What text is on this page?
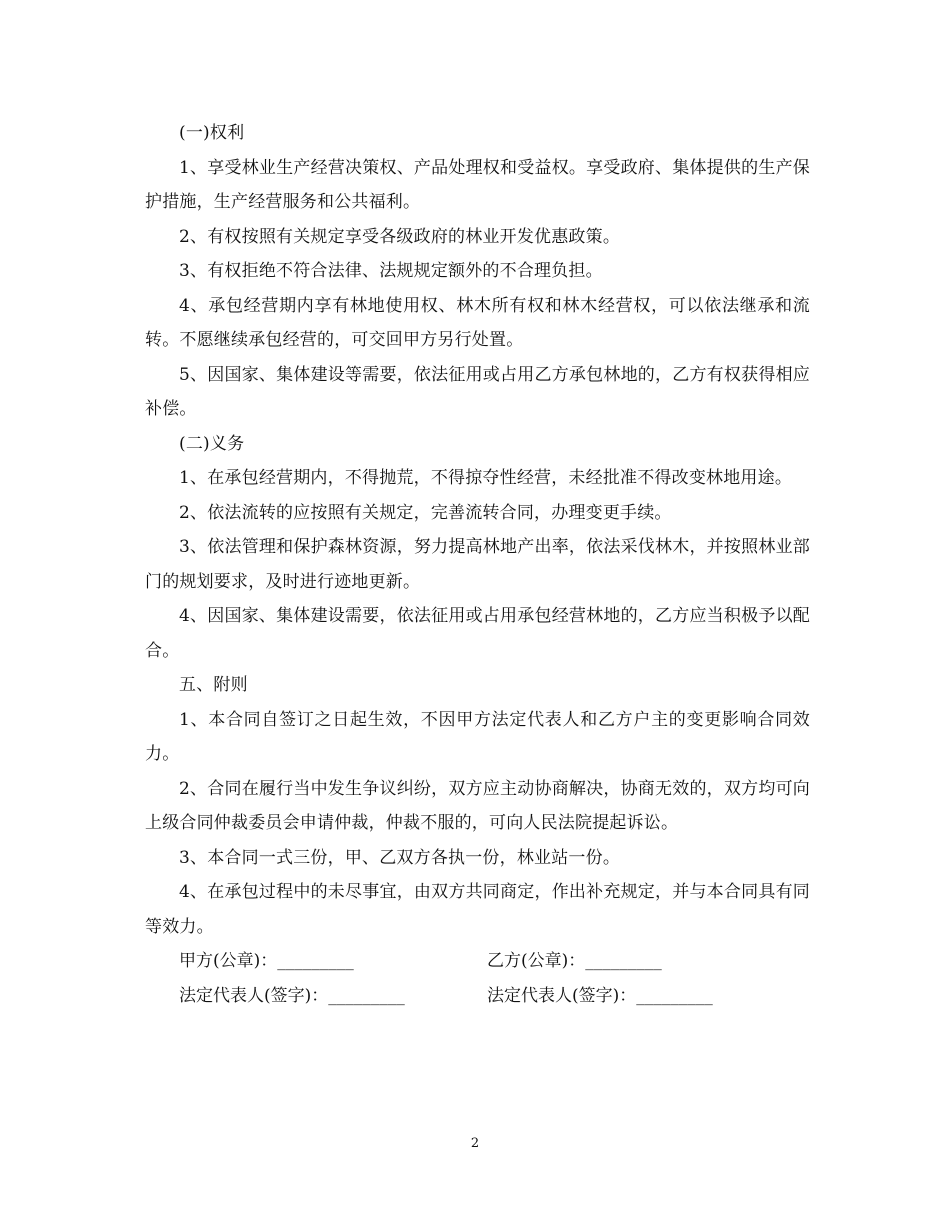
(一)权利

1、享受林业生产经营决策权、产品处理权和受益权。享受政府、集体提供的生产保护措施，生产经营服务和公共福利。

2、有权按照有关规定享受各级政府的林业开发优惠政策。

3、有权拒绝不符合法律、法规规定额外的不合理负担。

4、承包经营期内享有林地使用权、林木所有权和林木经营权，可以依法继承和流转。不愿继续承包经营的，可交回甲方另行处置。

5、因国家、集体建设等需要，依法征用或占用乙方承包林地的，乙方有权获得相应补偿。

(二)义务

1、在承包经营期内，不得抛荒，不得掠夺性经营，未经批准不得改变林地用途。

2、依法流转的应按照有关规定，完善流转合同，办理变更手续。

3、依法管理和保护森林资源，努力提高林地产出率，依法采伐林木，并按照林业部门的规划要求，及时进行迹地更新。

4、因国家、集体建设需要，依法征用或占用承包经营林地的，乙方应当积极予以配合。

五、附则

1、本合同自签订之日起生效，不因甲方法定代表人和乙方户主的变更影响合同效力。

2、合同在履行当中发生争议纠纷，双方应主动协商解决，协商无效的，双方均可向上级合同仲裁委员会申请仲裁，仲裁不服的，可向人民法院提起诉讼。

3、本合同一式三份，甲、乙双方各执一份，林业站一份。

4、在承包过程中的未尽事宜，由双方共同商定，作出补充规定，并与本合同具有同等效力。

甲方(公章)：_________	乙方(公章)：_________
法定代表人(签字)：_________	法定代表人(签字)：_________
2
